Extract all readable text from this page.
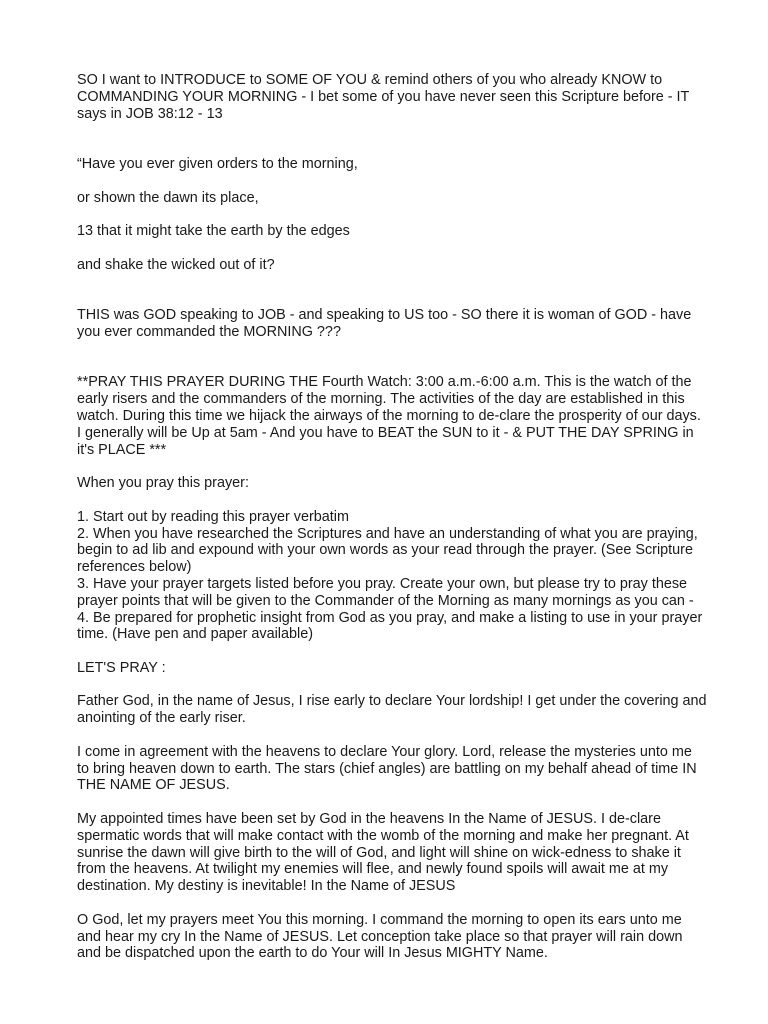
SO I want to INTRODUCE to SOME OF YOU & remind others of you who already KNOW to COMMANDING YOUR MORNING - I bet some of you have never seen this Scripture before - IT says in JOB 38:12 - 13

“Have you ever given orders to the morning,

or shown the dawn its place,

13 that it might take the earth by the edges

and shake the wicked out of it?

THIS was GOD speaking to JOB - and speaking to US too - SO there it is woman of GOD - have you ever commanded the MORNING ???

**PRAY THIS PRAYER DURING THE Fourth Watch: 3:00 a.m.-6:00 a.m. This is the watch of the early risers and the commanders of the morning. The activities of the day are established in this watch. During this time we hijack the airways of the morning to de-clare the prosperity of our days. I generally will be Up at 5am - And you have to BEAT the SUN to it - & PUT THE DAY SPRING in it's PLACE ***

When you pray this prayer:

1. Start out by reading this prayer verbatim
2. When you have researched the Scriptures and have an understanding of what you are praying, begin to ad lib and expound with your own words as your read through the prayer. (See Scripture references below)
3. Have your prayer targets listed before you pray. Create your own, but please try to pray these prayer points that will be given to the Commander of the Morning as many mornings as you can -
4. Be prepared for prophetic insight from God as you pray, and make a listing to use in your prayer time. (Have pen and paper available)

LET'S PRAY :

Father God, in the name of Jesus, I rise early to declare Your lordship! I get under the covering and anointing of the early riser.

I come in agreement with the heavens to declare Your glory. Lord, release the mysteries unto me to bring heaven down to earth. The stars (chief angles) are battling on my behalf ahead of time IN THE NAME OF JESUS.

My appointed times have been set by God in the heavens In the Name of JESUS. I de-clare spermatic words that will make contact with the womb of the morning and make her pregnant. At sunrise the dawn will give birth to the will of God, and light will shine on wick-edness to shake it from the heavens. At twilight my enemies will flee, and newly found spoils will await me at my destination. My destiny is inevitable! In the Name of JESUS

O God, let my prayers meet You this morning. I command the morning to open its ears unto me and hear my cry In the Name of JESUS. Let conception take place so that prayer will rain down and be dispatched upon the earth to do Your will In Jesus MIGHTY Name.
